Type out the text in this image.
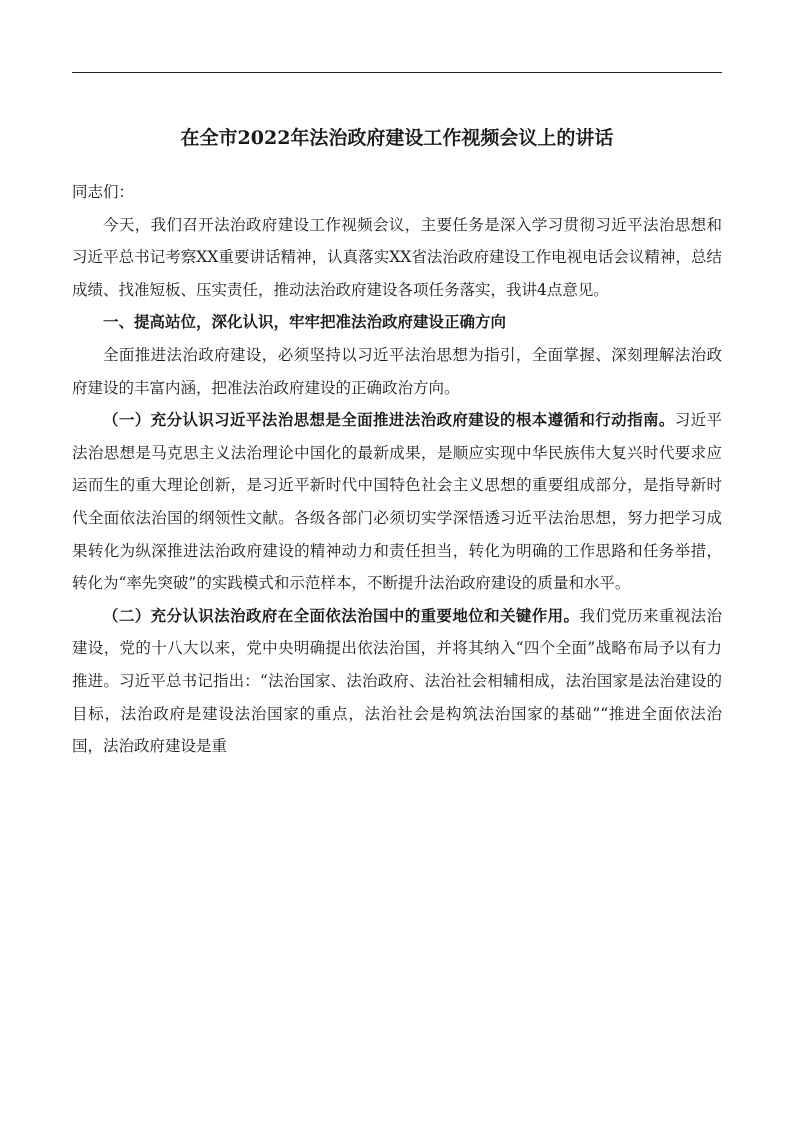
在全市2022年法治政府建设工作视频会议上的讲话

同志们：

今天，我们召开法治政府建设工作视频会议，主要任务是深入学习贯彻习近平法治思想和习近平总书记考察XX重要讲话精神，认真落实XX省法治政府建设工作电视电话会议精神，总结成绩、找准短板、压实责任，推动法治政府建设各项任务落实，我讲4点意见。

一、提高站位，深化认识，牢牢把准法治政府建设正确方向

全面推进法治政府建设，必须坚持以习近平法治思想为指引，全面掌握、深刻理解法治政府建设的丰富内涵，把准法治政府建设的正确政治方向。

（一）充分认识习近平法治思想是全面推进法治政府建设的根本遵循和行动指南。习近平法治思想是马克思主义法治理论中国化的最新成果，是顺应实现中华民族伟大复兴时代要求应运而生的重大理论创新，是习近平新时代中国特色社会主义思想的重要组成部分，是指导新时代全面依法治国的纲领性文献。各级各部门必须切实学深悟透习近平法治思想，努力把学习成果转化为纵深推进法治政府建设的精神动力和责任担当，转化为明确的工作思路和任务举措，转化为“率先突破”的实践模式和示范样本，不断提升法治政府建设的质量和水平。

（二）充分认识法治政府在全面依法治国中的重要地位和关键作用。我们党历来重视法治建设，党的十八大以来，党中央明确提出依法治国，并将其纳入“四个全面”战略布局予以有力推进。习近平总书记指出：“法治国家、法治政府、法治社会相辅相成，法治国家是法治建设的目标，法治政府是建设法治国家的重点，法治社会是构筑法治国家的基础”“推进全面依法治国，法治政府建设是重
